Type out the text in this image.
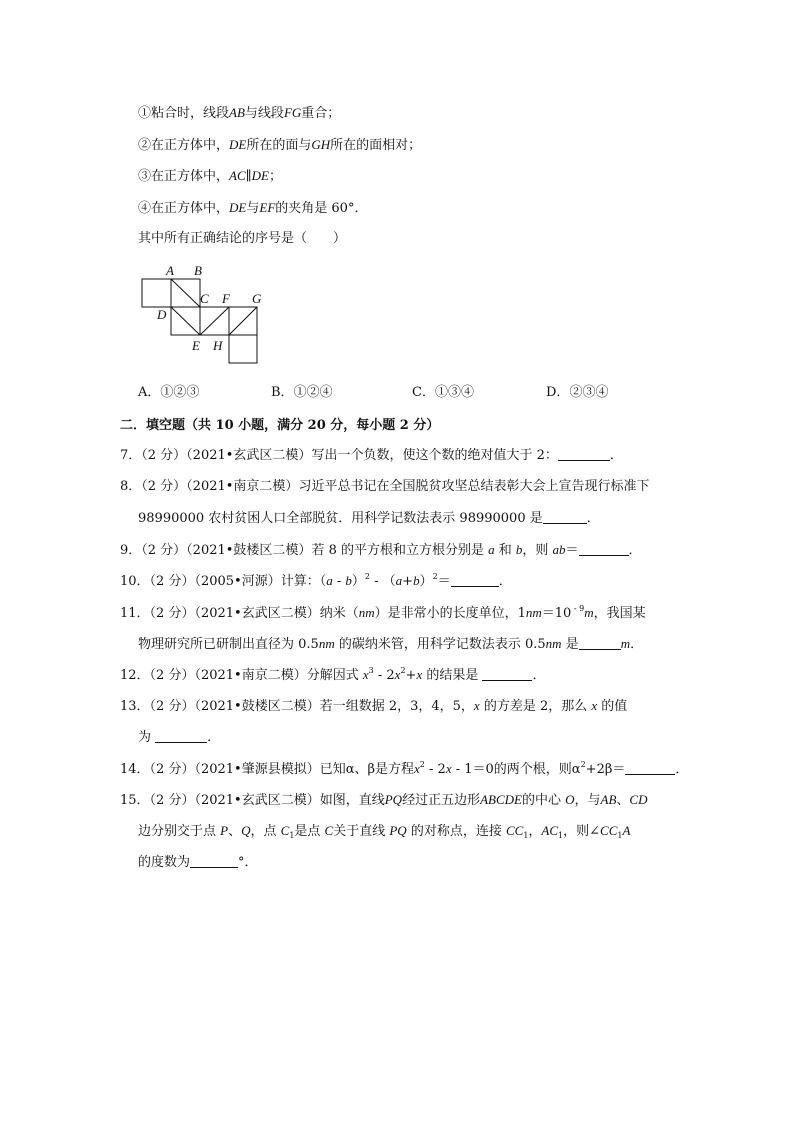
①粘合时，线段AB与线段FG重合；
②在正方体中，DE所在的面与GH所在的面相对；
③在正方体中，AC∥DE；
④在正方体中，DE与EF的夹角是 60°．
其中所有正确结论的序号是（　　）
A B
C F G
D
E H
A．①②③	B．①②④	C．①③④	D．②③④
二．填空题（共 10 小题，满分 20 分，每小题 2 分）
7．（2 分）（2021•玄武区二模）写出一个负数，使这个数的绝对值大于 2：	．
8．（2 分）（2021•南京二模）习近平总书记在全国脱贫攻坚总结表彰大会上宣告现行标准下
98990000 农村贫困人口全部脱贫．用科学记数法表示 98990000 是	．
9．（2 分）（2021•鼓楼区二模）若 8 的平方根和立方根分别是 a 和 b，则 ab＝	．
10．（2 分）（2005•河源）计算：$(a - b)^2 - (a+b)^2=$	．
11．（2 分）（2021•玄武区二模）纳米（nm）是非常小的长度单位，1nm＝10 $^{- 9}$m，我国某
物理研究所已研制出直径为 0.5nm 的碳纳米管，用科学记数法表示 0.5nm 是	m．
12．（2 分）（2021•南京二模）分解因式 $x^3 - 2x^2+x$ 的结果是	．
13．（2 分）（2021•鼓楼区二模）若一组数据 2，3，4，5，x 的方差是 2，那么 x 的值
为	．
14．（2 分）（2021•肇源县模拟）已知α、β是方程$x^2 - 2x - 1=0$的两个根，则$\alpha^2+2\beta=$	．
15．（2 分）（2021•玄武区二模）如图，直线PQ经过正五边形ABCDE的中心 O，与AB、CD
边分别交于点 P、Q，点 $C_1$是点 C关于直线 PQ 的对称点，连接 $CC_1$，$AC_1$，则$\angle CC_1A$
的度数为	°．
